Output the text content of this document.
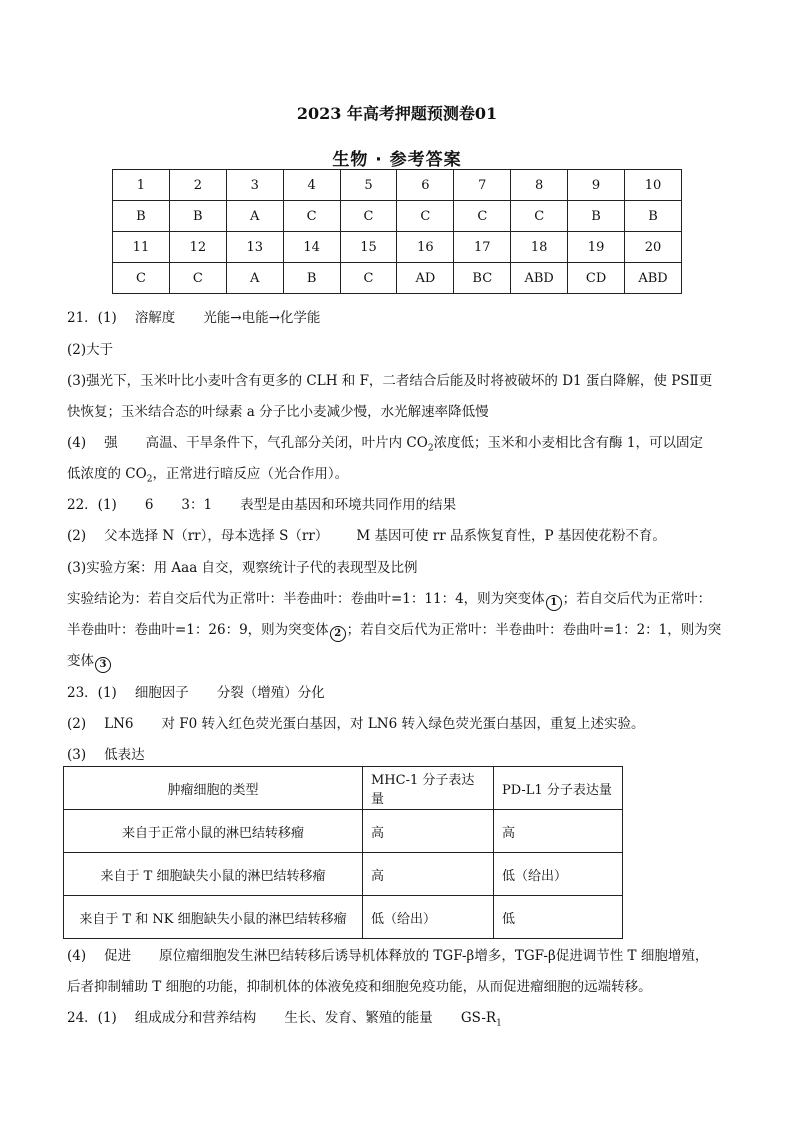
2023 年高考押题预测卷01
生物 · 参考答案
1	2	3	4	5	6	7	8	9	10
B	B	A	C	C	C	C	C	B	B
11	12	13	14	15	16	17	18	19	20
C	C	A	B	C	AD	BC	ABD	CD	ABD
21．(1) 溶解度 光能→电能→化学能
(2)大于
(3)强光下，玉米叶比小麦叶含有更多的 CLH 和 F，二者结合后能及时将被破坏的 D1 蛋白降解，使 PSⅡ更
快恢复；玉米结合态的叶绿素 a 分子比小麦减少慢，水光解速率降低慢
(4) 强 高温、干旱条件下，气孔部分关闭，叶片内 $CO_2$浓度低；玉米和小麦相比含有酶 1，可以固定
低浓度的 $CO_2$，正常进行暗反应（光合作用）。
22．(1) 6 3：1 表型是由基因和环境共同作用的结果
(2) 父本选择 N（rr），母本选择 S（rr） M 基因可使 rr 品系恢复育性，P 基因使花粉不育。
(3)实验方案：用 Aaa 自交，观察统计子代的表现型及比例
实验结论为：若自交后代为正常叶：半卷曲叶：卷曲叶=1：11：4，则为突变体 1 ；若自交后代为正常叶：
半卷曲叶：卷曲叶=1：26：9，则为突变体 2 ；若自交后代为正常叶：半卷曲叶：卷曲叶=1：2：1，则为突
变体 3
23．(1) 细胞因子 分裂（增殖）分化
(2) LN6 对 F0 转入红色荧光蛋白基因，对 LN6 转入绿色荧光蛋白基因，重复上述实验。
(3) 低表达
肿瘤细胞的类型	MHC-1 分子表达量	PD-L1 分子表达量
来自于正常小鼠的淋巴结转移瘤	高	高
来自于 T 细胞缺失小鼠的淋巴结转移瘤	高	低（给出）
来自于 T 和 NK 细胞缺失小鼠的淋巴结转移瘤	低（给出）	低
(4) 促进 原位瘤细胞发生淋巴结转移后诱导机体释放的 TGF-β增多，TGF-β促进调节性 T 细胞增殖，
后者抑制辅助 T 细胞的功能，抑制机体的体液免疫和细胞免疫功能，从而促进瘤细胞的远端转移。
24．(1) 组成成分和营养结构 生长、发育、繁殖的能量 $GS-R_1$
